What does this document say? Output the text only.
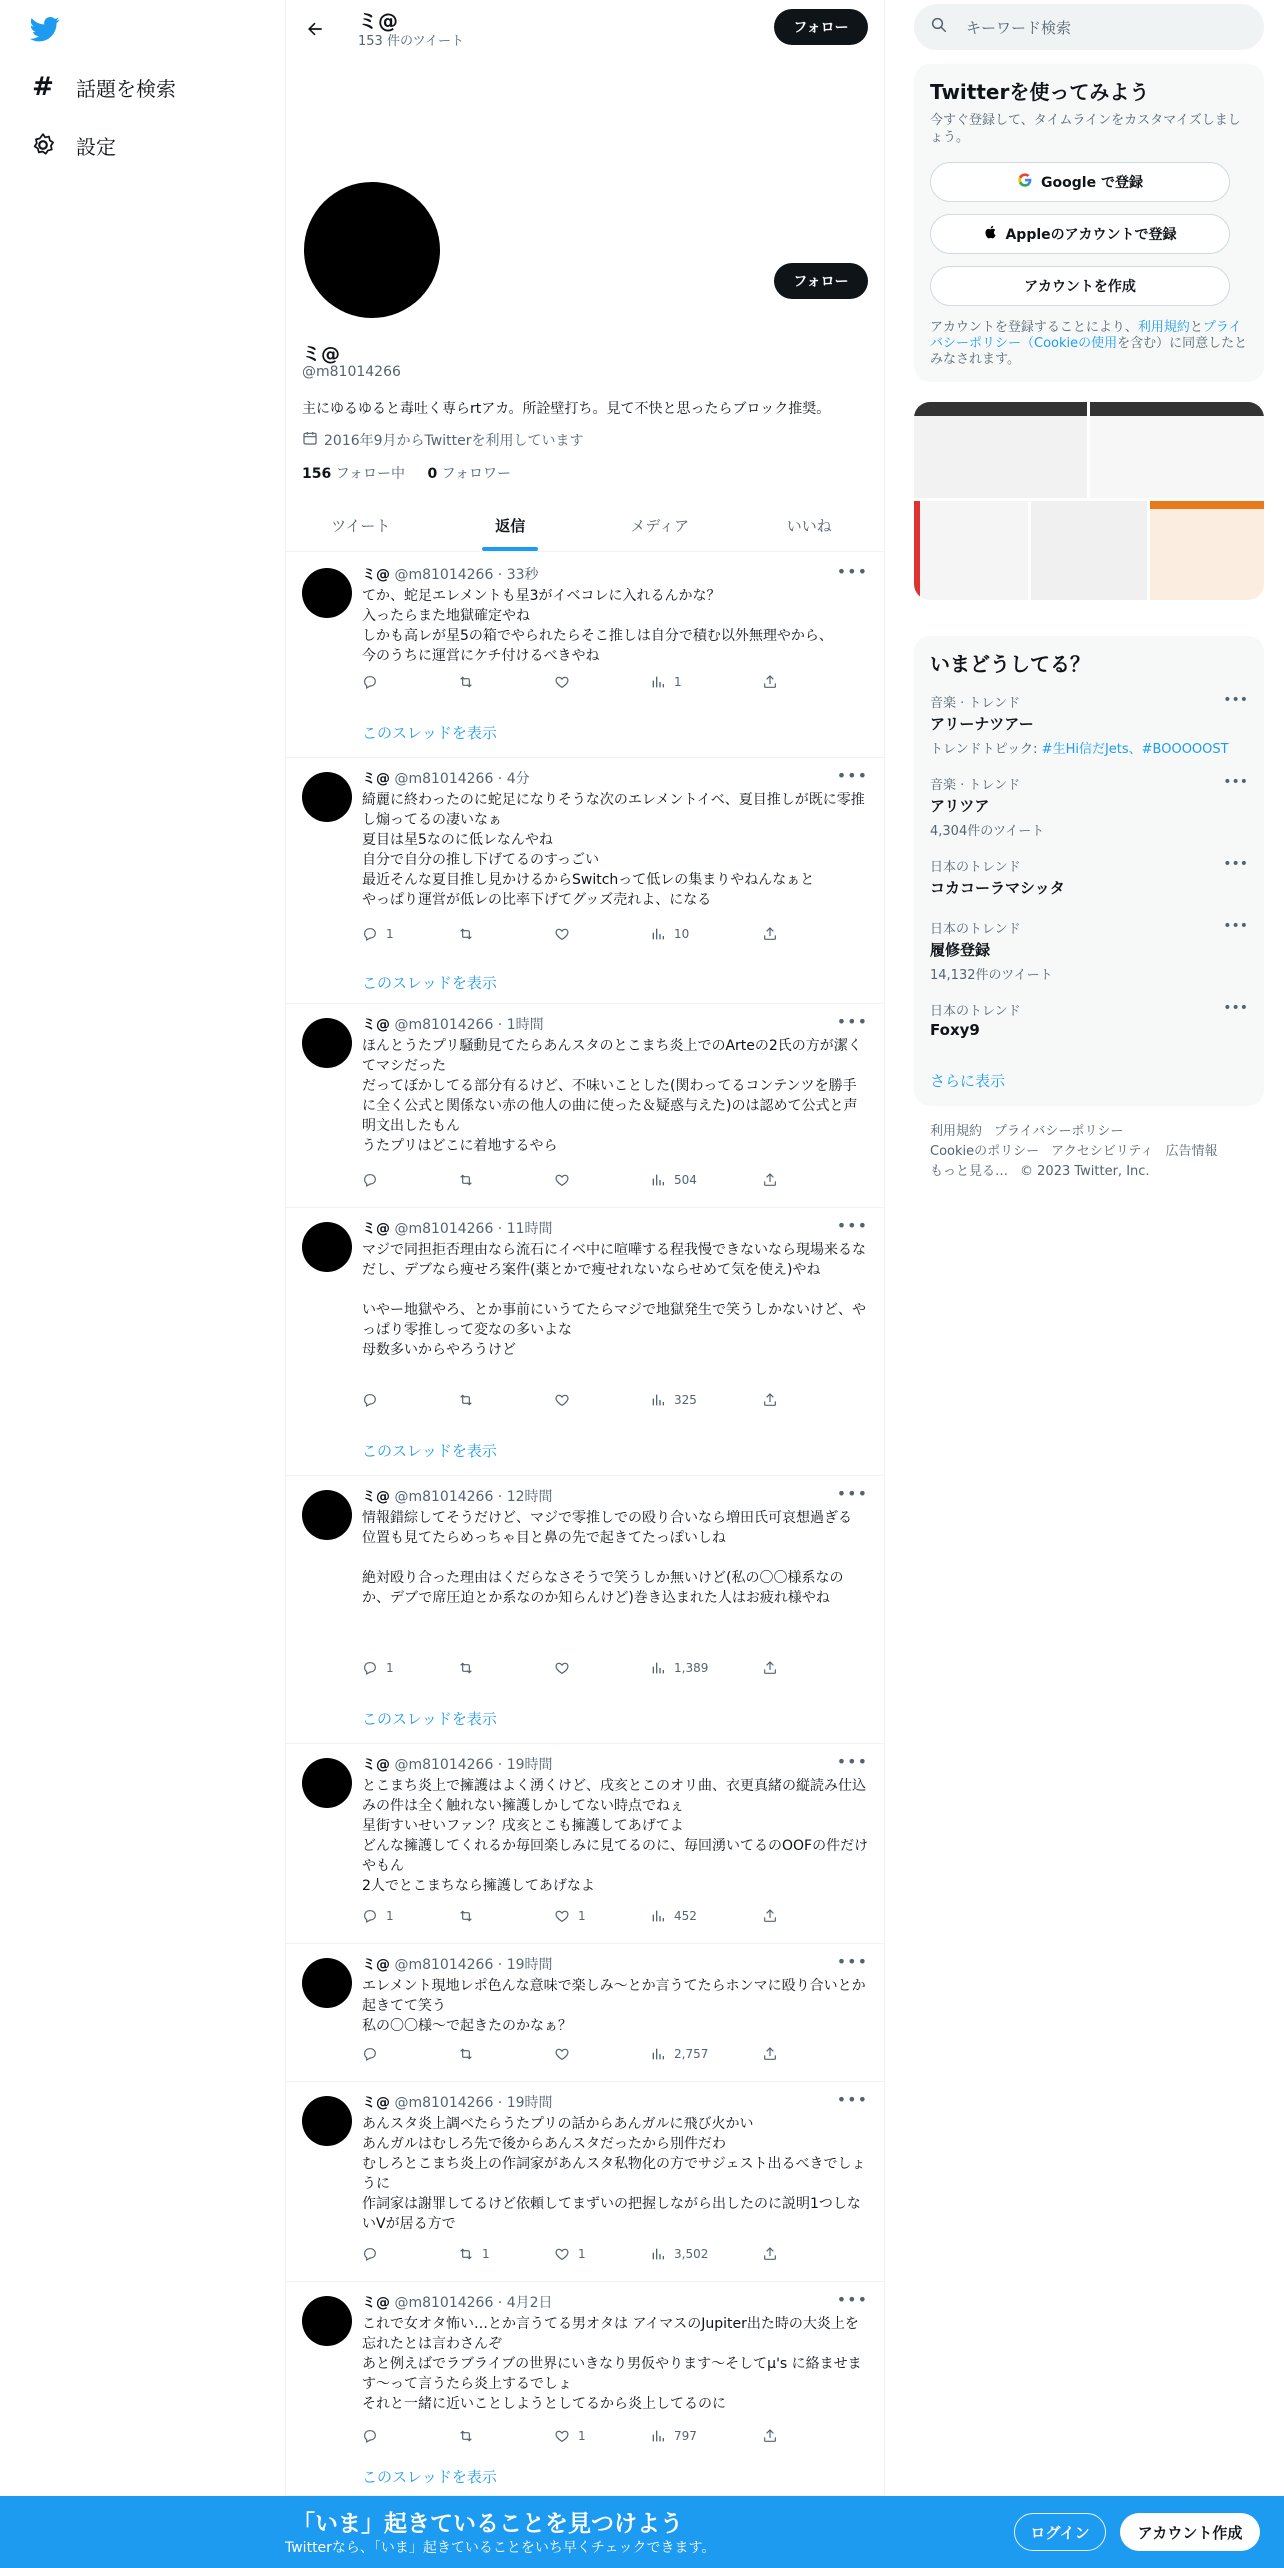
# 話題を検索
設定
ミ@
153 件のツイート
フォロー
フォロー
ミ@
@m81014266
主にゆるゆると毒吐く専らrtアカ。所詮壁打ち。見て不快と思ったらブロック推奨。
2016年9月からTwitterを利用しています
156 フォロー中 0 フォロワー
ツイート	返信	メディア	いいね
ミ@ @m81014266 · 33秒	•••
てか、蛇足エレメントも星3がイベコレに入れるんかな？
入ったらまた地獄確定やね
しかも高レが星5の箱でやられたらそこ推しは自分で積む以外無理やから、
今のうちに運営にケチ付けるべきやね
1
このスレッドを表示
ミ@ @m81014266 · 4分	•••
綺麗に終わったのに蛇足になりそうな次のエレメントイベ、夏目推しが既に零推し煽ってるの凄いなぁ
夏目は星5なのに低レなんやね
自分で自分の推し下げてるのすっごい
最近そんな夏目推し見かけるからSwitchって低レの集まりやねんなぁと
やっぱり運営が低レの比率下げてグッズ売れよ、になる
1	10
このスレッドを表示
ミ@ @m81014266 · 1時間	•••
ほんとうたプリ騒動見てたらあんスタのとこまち炎上でのArteの2氏の方が潔くてマシだった
だってぼかしてる部分有るけど、不味いことした(関わってるコンテンツを勝手に全く公式と関係ない赤の他人の曲に使った＆疑惑与えた)のは認めて公式と声明文出したもん
うたプリはどこに着地するやら
504
ミ@ @m81014266 · 11時間	•••
マジで同担拒否理由なら流石にイベ中に喧嘩する程我慢できないなら現場来るなだし、デブなら痩せろ案件(薬とかで痩せれないならせめて気を使え)やね

いやー地獄やろ、とか事前にいうてたらマジで地獄発生で笑うしかないけど、やっぱり零推しって変なの多いよな
母数多いからやろうけど
325
このスレッドを表示
ミ@ @m81014266 · 12時間	•••
情報錯綜してそうだけど、マジで零推しでの殴り合いなら増田氏可哀想過ぎる
位置も見てたらめっちゃ目と鼻の先で起きてたっぽいしね

絶対殴り合った理由はくだらなさそうで笑うしか無いけど(私の〇〇様系なのか、デブで席圧迫とか系なのか知らんけど)巻き込まれた人はお疲れ様やね
1	1,389
このスレッドを表示
ミ@ @m81014266 · 19時間	•••
とこまち炎上で擁護はよく湧くけど、戌亥とこのオリ曲、衣更真緒の縦読み仕込みの件は全く触れない擁護しかしてない時点でねぇ
星街すいせいファン？戌亥とこも擁護してあげてよ
どんな擁護してくれるか毎回楽しみに見てるのに、毎回湧いてるのOOFの件だけやもん
2人でとこまちなら擁護してあげなよ
1	1	452
ミ@ @m81014266 · 19時間	•••
エレメント現地レポ色んな意味で楽しみ～とか言うてたらホンマに殴り合いとか起きてて笑う
私の〇〇様〜で起きたのかなぁ？
2,757
ミ@ @m81014266 · 19時間	•••
あんスタ炎上調べたらうたプリの話からあんガルに飛び火かい
あんガルはむしろ先で後からあんスタだったから別件だわ
むしろとこまち炎上の作詞家があんスタ私物化の方でサジェスト出るべきでしょうに
作詞家は謝罪してるけど依頼してまずいの把握しながら出したのに説明1つしないVが居る方で
1	1	3,502
ミ@ @m81014266 · 4月2日	•••
これで女オタ怖い…とか言うてる男オタは アイマスのJupiter出た時の大炎上を忘れたとは言わさんぞ
あと例えばでラブライブの世界にいきなり男仮やります〜そしてμ's に絡ませます〜って言うたら炎上するでしょ
それと一緒に近いことしようとしてるから炎上してるのに
1	797
このスレッドを表示
キーワード検索
Twitterを使ってみよう
今すぐ登録して、タイムラインをカスタマイズしましょう。
Google で登録
Appleのアカウントで登録
アカウントを作成
アカウントを登録することにより、利用規約とプライバシーポリシー（Cookieの使用を含む）に同意したとみなされます。
いまどうしてる？
音楽 · トレンド
アリーナツアー
トレンドトピック: #生Hi信だJets、#BOOOOOST
•••
音楽 · トレンド
アリツア
4,304件のツイート
•••
日本のトレンド
コカコーラマシッタ
•••
日本のトレンド
履修登録
14,132件のツイート
•••
日本のトレンド
Foxy9
•••
さらに表示
利用規約 プライバシーポリシー
Cookieのポリシー アクセシビリティ 広告情報
もっと見る… © 2023 Twitter, Inc.
「いま」起きていることを見つけよう
Twitterなら、「いま」起きていることをいち早くチェックできます。
ログイン	アカウント作成
